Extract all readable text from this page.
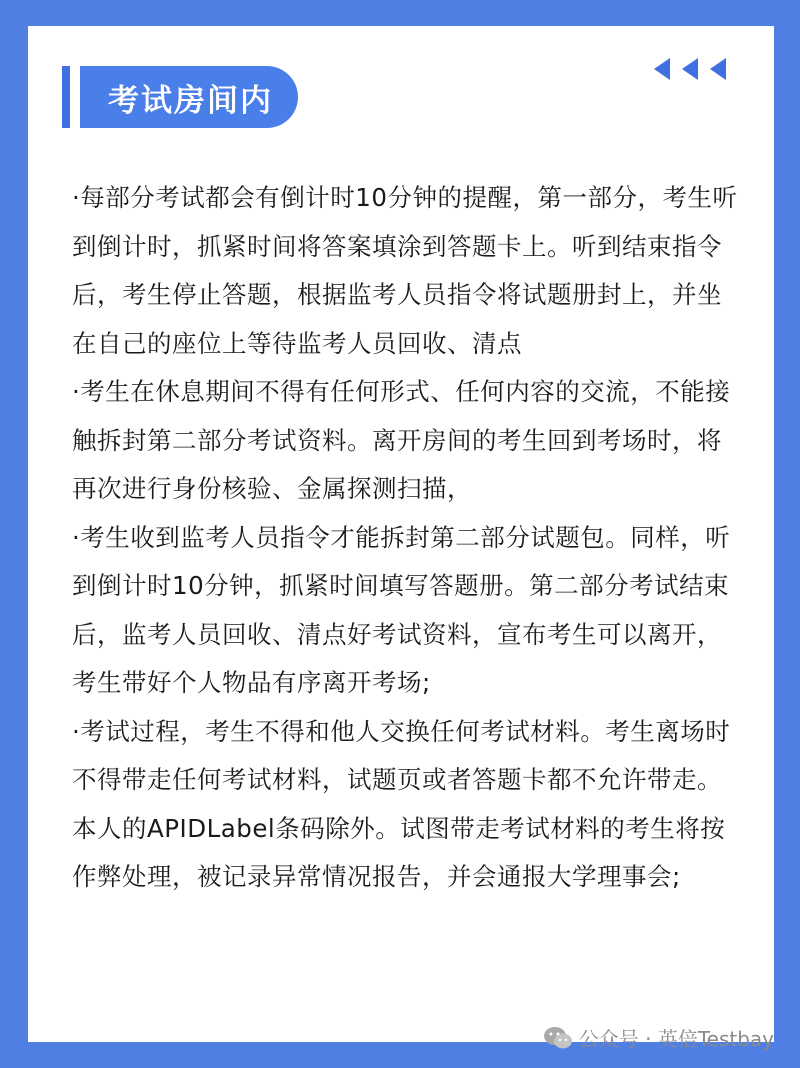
考试房间内

·每部分考试都会有倒计时10分钟的提醒，第一部分，考生听到倒计时，抓紧时间将答案填涂到答题卡上。听到结束指令后，考生停止答题，根据监考人员指令将试题册封上，并坐在自己的座位上等待监考人员回收、清点

·考生在休息期间不得有任何形式、任何内容的交流，不能接触拆封第二部分考试资料。离开房间的考生回到考场时，将再次进行身份核验、金属探测扫描，

·考生收到监考人员指令才能拆封第二部分试题包。同样，听到倒计时10分钟，抓紧时间填写答题册。第二部分考试结束后，监考人员回收、清点好考试资料，宣布考生可以离开，考生带好个人物品有序离开考场;

·考试过程，考生不得和他人交换任何考试材料。考生离场时不得带走任何考试材料，试题页或者答题卡都不允许带走。本人的APIDLabel条码除外。试图带走考试材料的考生将按作弊处理，被记录异常情况报告，并会通报大学理事会;

公众号 · 英倍Testbay
